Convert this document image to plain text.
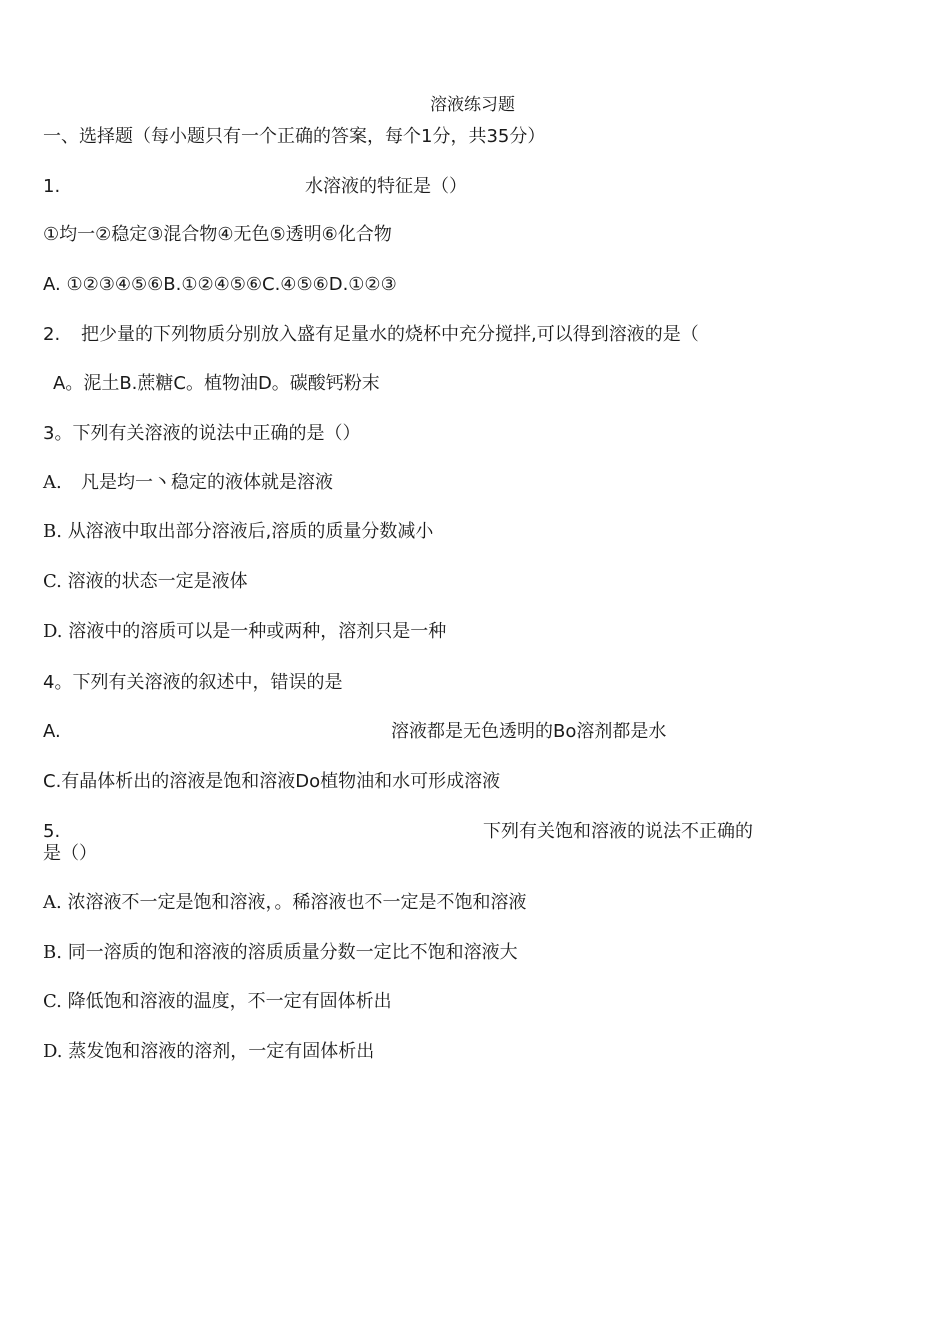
溶液练习题
一、选择题（每小题只有一个正确的答案，每个1分，共35分）
1.	水溶液的特征是（）
①均一②稳定③混合物④无色⑤透明⑥化合物
A. ①②③④⑤⑥B.①②④⑤⑥C.④⑤⑥D.①②③
2. 把少量的下列物质分别放入盛有足量水的烧杯中充分搅拌,可以得到溶液的是（
A。泥土B.蔗糖C。植物油D。碳酸钙粉末
3。下列有关溶液的说法中正确的是（）
A. 凡是均一丶稳定的液体就是溶液
B. 从溶液中取出部分溶液后,溶质的质量分数减小
C. 溶液的状态一定是液体
D. 溶液中的溶质可以是一种或两种，溶剂只是一种
4。下列有关溶液的叙述中，错误的是
A.	溶液都是无色透明的Bo溶剂都是水
C.有晶体析出的溶液是饱和溶液Do植物油和水可形成溶液
5.	下列有关饱和溶液的说法不正确的
是（）
A. 浓溶液不一定是饱和溶液，。稀溶液也不一定是不饱和溶液
B. 同一溶质的饱和溶液的溶质质量分数一定比不饱和溶液大
C. 降低饱和溶液的温度，不一定有固体析出
D. 蒸发饱和溶液的溶剂，一定有固体析出
